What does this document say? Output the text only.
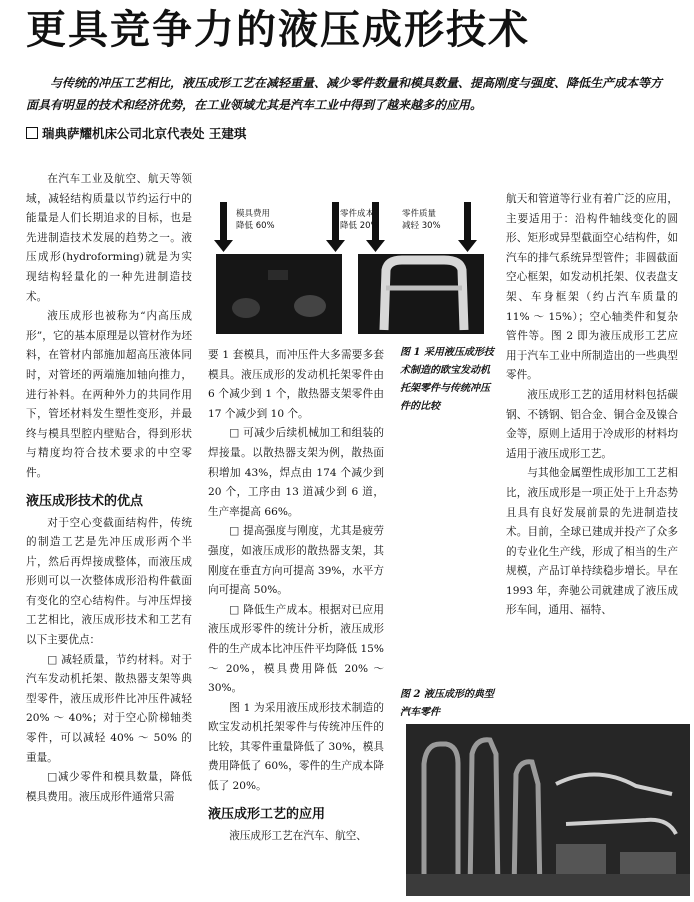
更具竞争力的液压成形技术
与传统的冲压工艺相比，液压成形工艺在减轻重量、减少零件数量和模具数量、提高刚度与强度、降低生产成本等方面具有明显的技术和经济优势，在工业领域尤其是汽车工业中得到了越来越多的应用。
瑞典萨耀机床公司北京代表处 王建琪

在汽车工业及航空、航天等领域，减轻结构质量以节约运行中的能量是人们长期追求的目标，也是先进制造技术发展的趋势之一。液压成形(hydroforming)就是为实现结构轻量化的一种先进制造技术。

液压成形也被称为“内高压成形”，它的基本原理是以管材作为坯料，在管材内部施加超高压液体同时，对管坯的两端施加轴向推力，进行补料。在两种外力的共同作用下，管坯材料发生塑性变形，并最终与模具型腔内壁贴合，得到形状与精度均符合技术要求的中空零件。

液压成形技术的优点

对于空心变截面结构件，传统的制造工艺是先冲压成形两个半片，然后再焊接成整体，而液压成形则可以一次整体成形沿构件截面有变化的空心结构件。与冲压焊接工艺相比，液压成形技术和工艺有以下主要优点：

□ 减轻质量，节约材料。对于汽车发动机托架、散热器支架等典型零件，液压成形件比冲压件减轻 20% ～ 40%；对于空心阶梯轴类零件，可以减轻 40% ～ 50% 的重量。

□减少零件和模具数量，降低模具费用。液压成形件通常只需

模具费用
降低 60%
零件成本
降低 20%
零件质量
减轻 30%

要 1 套模具，而冲压件大多需要多套模具。液压成形的发动机托架零件由 6 个减少到 1 个，散热器支架零件由 17 个减少到 10 个。

□ 可减少后续机械加工和组装的焊接量。以散热器支架为例，散热面积增加 43%，焊点由 174 个减少到 20 个，工序由 13 道减少到 6 道，生产率提高 66%。

□ 提高强度与刚度，尤其是疲劳强度，如液压成形的散热器支架，其刚度在垂直方向可提高 39%，水平方向可提高 50%。

□ 降低生产成本。根据对已应用液压成形零件的统计分析，液压成形件的生产成本比冲压件平均降低 15% ～ 20%，模具费用降低 20% ～ 30%。

图 1 为采用液压成形技术制造的欧宝发动机托架零件与传统冲压件的比较，其零件重量降低了 30%，模具费用降低了 60%，零件的生产成本降低了 20%。

液压成形工艺的应用

液压成形工艺在汽车、航空、

图 1 采用液压成形技术制造的欧宝发动机托架零件与传统冲压件的比较
图 2 液压成形的典型汽车零件

航天和管道等行业有着广泛的应用，主要适用于：沿构件轴线变化的圆形、矩形或异型截面空心结构件，如汽车的排气系统异型管件；非圆截面空心框架，如发动机托架、仪表盘支架、车身框架（约占汽车质量的 11% ～ 15%）；空心轴类件和复杂管件等。图 2 即为液压成形工艺应用于汽车工业中所制造出的一些典型零件。

液压成形工艺的适用材料包括碳钢、不锈钢、铝合金、铜合金及镍合金等，原则上适用于冷成形的材料均适用于液压成形工艺。

与其他金属塑性成形加工工艺相比，液压成形是一项正处于上升态势且具有良好发展前景的先进制造技术。目前，全球已建成并投产了众多的专业化生产线，形成了相当的生产规模，产品订单持续稳步增长。早在 1993 年，奔驰公司就建成了液压成形车间，通用、福特、
